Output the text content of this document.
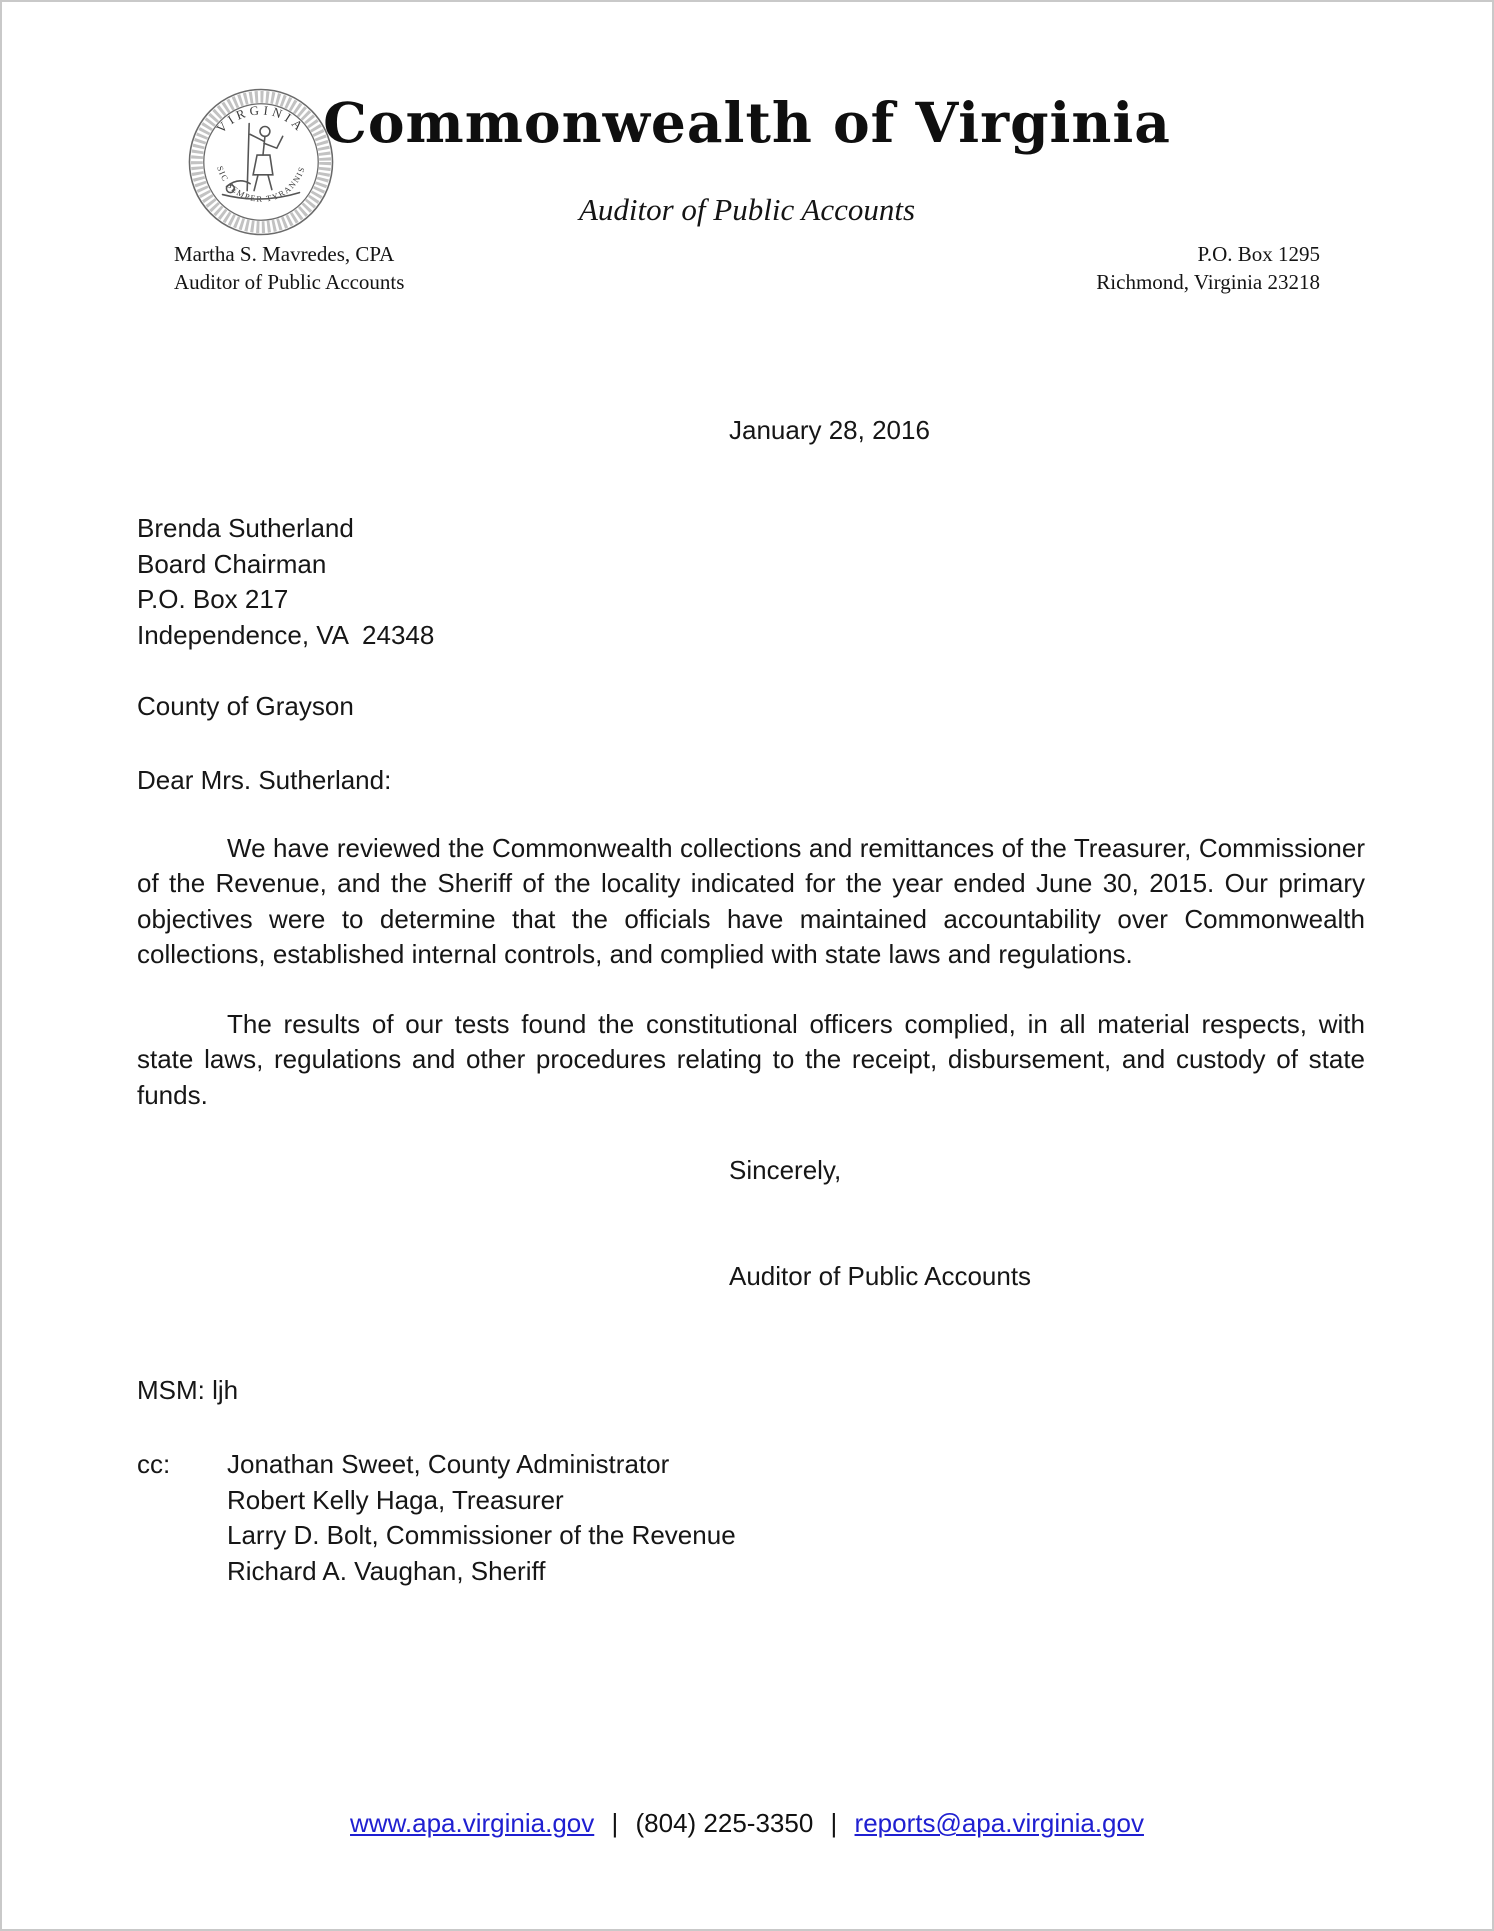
VIRGINIA
SIC SEMPER TYRANNIS
Commonwealth of Virginia
Auditor of Public Accounts
Martha S. Mavredes, CPA
Auditor of Public Accounts
P.O. Box 1295
Richmond, Virginia 23218
January 28, 2016
Brenda Sutherland
Board Chairman
P.O. Box 217
Independence, VA  24348
County of Grayson
Dear Mrs. Sutherland:

We have reviewed the Commonwealth collections and remittances of the Treasurer, Commissioner of the Revenue, and the Sheriff of the locality indicated for the year ended June 30, 2015. Our primary objectives were to determine that the officials have maintained accountability over Commonwealth collections, established internal controls, and complied with state laws and regulations.

The results of our tests found the constitutional officers complied, in all material respects, with state laws, regulations and other procedures relating to the receipt, disbursement, and custody of state funds.

Sincerely,
Auditor of Public Accounts
MSM: ljh
cc:	Jonathan Sweet, County Administrator
Robert Kelly Haga, Treasurer
Larry D. Bolt, Commissioner of the Revenue
Richard A. Vaughan, Sheriff
www.apa.virginia.gov | (804) 225-3350 | reports@apa.virginia.gov
